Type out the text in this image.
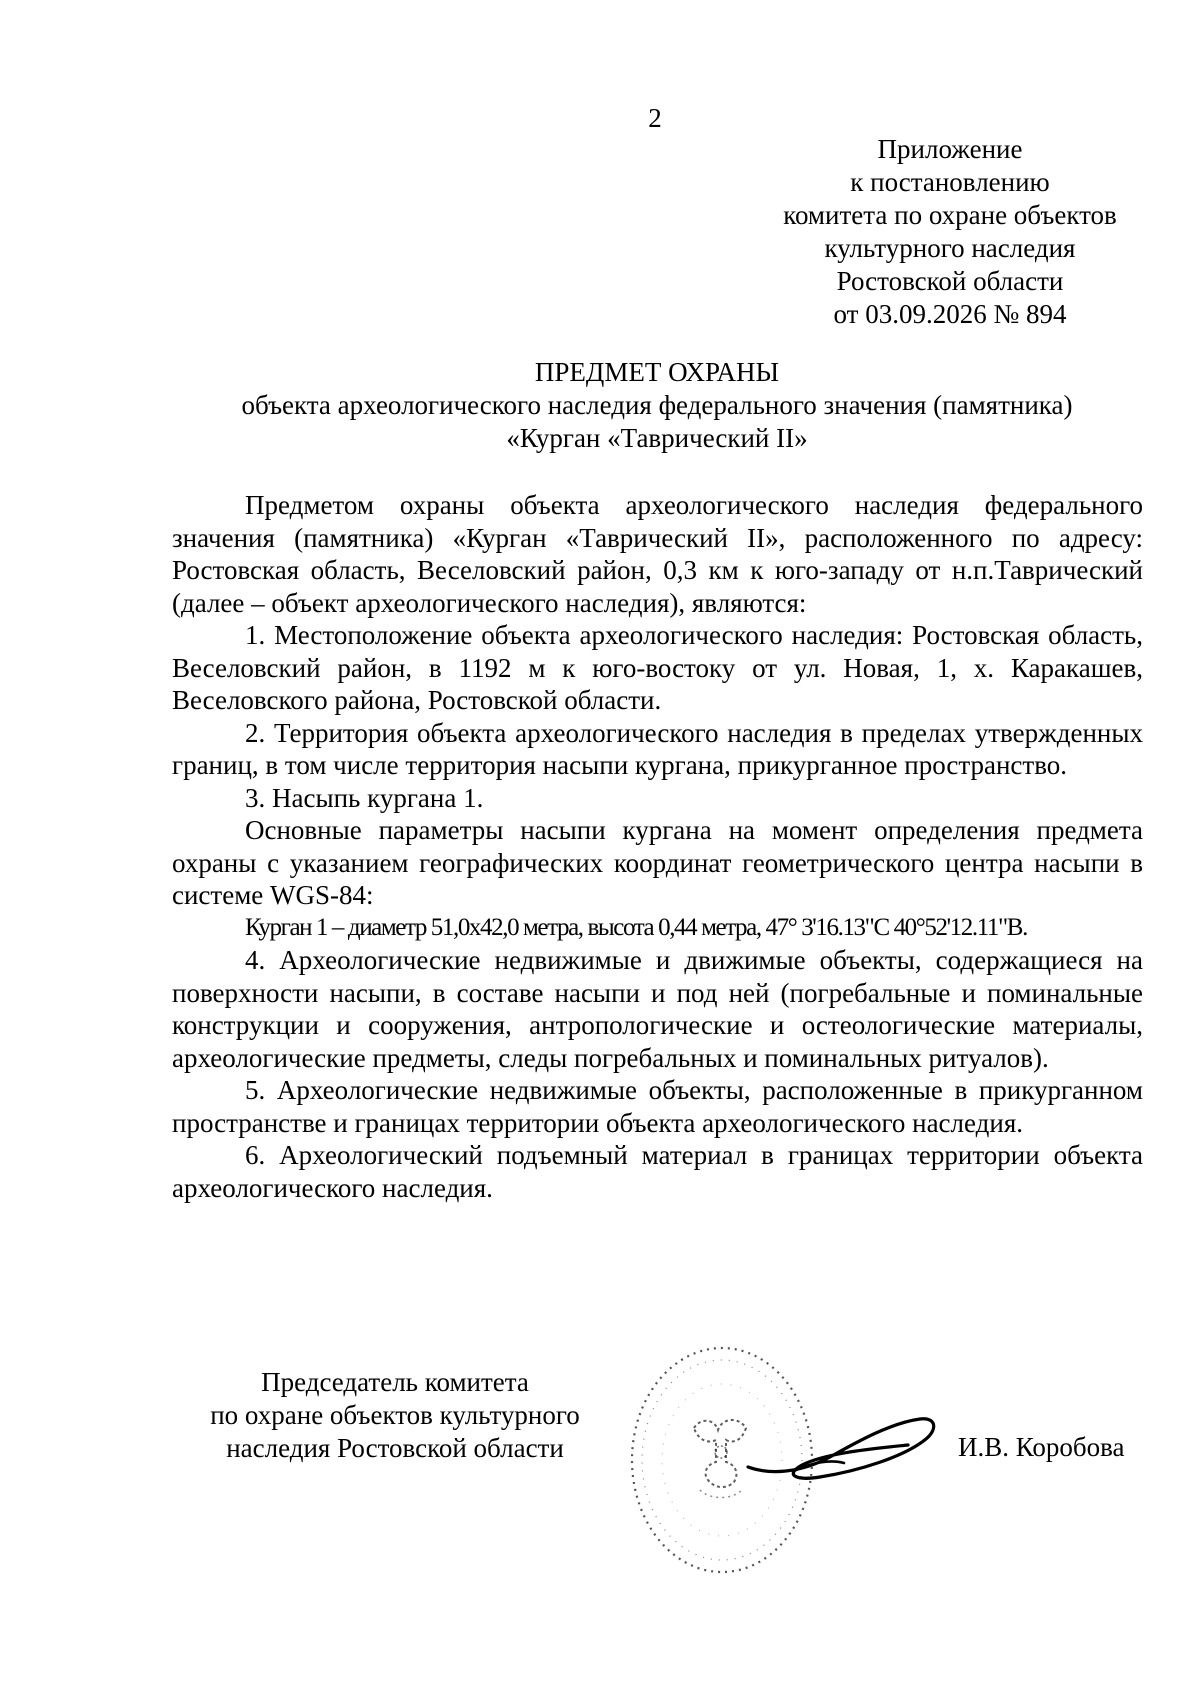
2
Приложение
к постановлению
комитета по охране объектов
культурного наследия
Ростовской области
от 03.09.2026 № 894
ПРЕДМЕТ ОХРАНЫ
объекта археологического наследия федерального значения (памятника)
«Курган «Таврический II»

Предметом охраны объекта археологического наследия федерального значения (памятника) «Курган «Таврический II», расположенного по адресу: Ростовская область, Веселовский район, 0,3 км к юго-западу от н.п.Таврический (далее – объект археологического наследия), являются:

1. Местоположение объекта археологического наследия: Ростовская область, Веселовский район, в 1192 м к юго-востоку от ул. Новая, 1, х. Каракашев, Веселовского района, Ростовской области.

2. Территория объекта археологического наследия в пределах утвержденных границ, в том числе территория насыпи кургана, прикурганное пространство.

3. Насыпь кургана 1.

Основные параметры насыпи кургана на момент определения предмета охраны с указанием географических координат геометрического центра насыпи в системе WGS-84:

Курган 1 – диаметр 51,0х42,0 метра, высота 0,44 метра, 47° 3'16.13"С 40°52'12.11"В.

4. Археологические недвижимые и движимые объекты, содержащиеся на поверхности насыпи, в составе насыпи и под ней (погребальные и поминальные конструкции и сооружения, антропологические и остеологические материалы, археологические предметы, следы погребальных и поминальных ритуалов).

5. Археологические недвижимые объекты, расположенные в прикурганном пространстве и границах территории объекта археологического наследия.

6. Археологический подъемный материал в границах территории объекта археологического наследия.

Председатель комитета
по охране объектов культурного
наследия Ростовской области	И.В. Коробова
